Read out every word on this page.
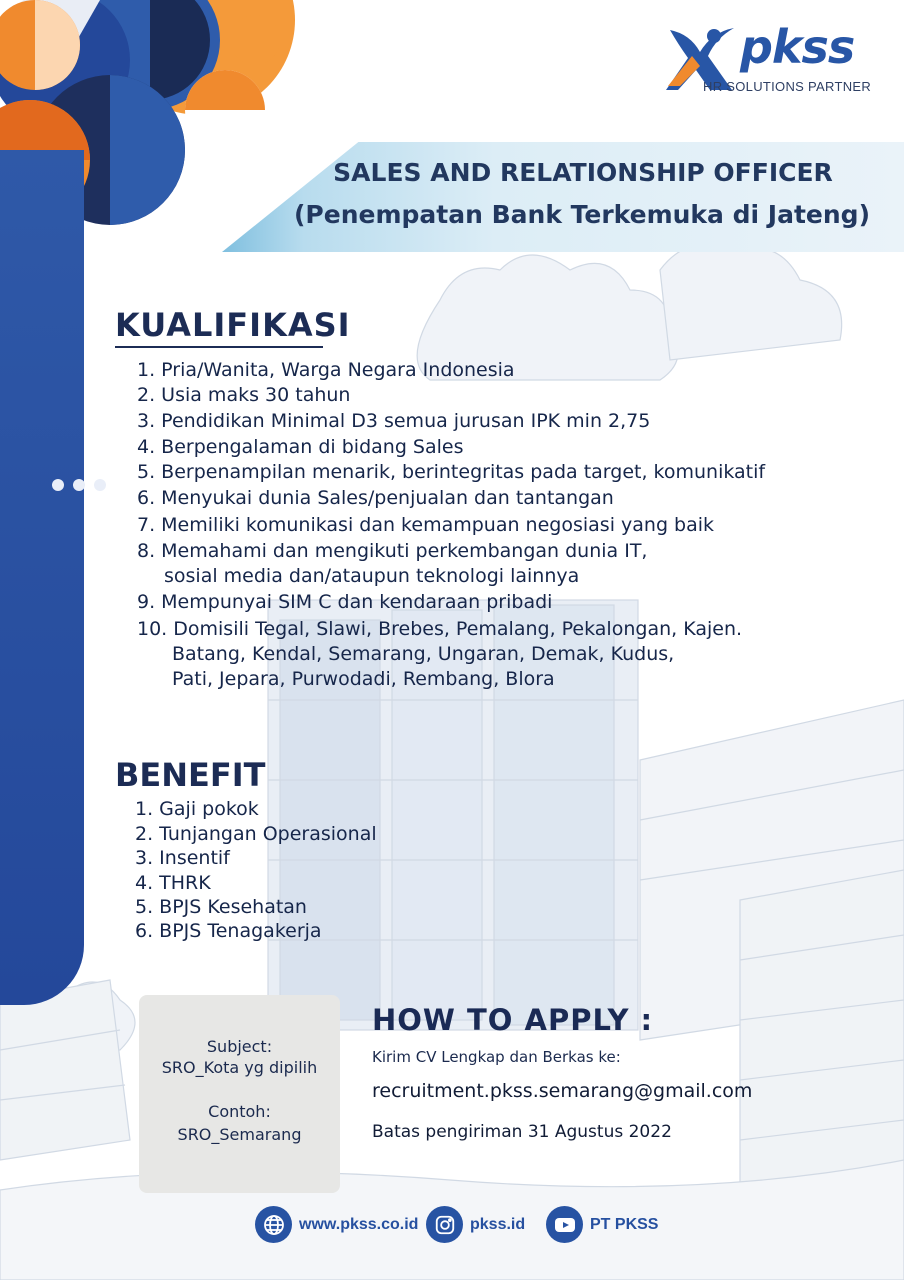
pkss
HR SOLUTIONS PARTNER
SALES AND RELATIONSHIP OFFICER
(Penempatan Bank Terkemuka di Jateng)
KUALIFIKASI
1. Pria/Wanita, Warga Negara Indonesia
2. Usia maks 30 tahun
3. Pendidikan Minimal D3 semua jurusan IPK min 2,75
4. Berpengalaman di bidang Sales
5. Berpenampilan menarik, berintegritas pada target, komunikatif
6. Menyukai dunia Sales/penjualan dan tantangan
7. Memiliki komunikasi dan kemampuan negosiasi yang baik
8. Memahami dan mengikuti perkembangan dunia IT,
sosial media dan/ataupun teknologi lainnya
9. Mempunyai SIM C dan kendaraan pribadi
10. Domisili Tegal, Slawi, Brebes, Pemalang, Pekalongan, Kajen.
Batang, Kendal, Semarang, Ungaran, Demak, Kudus,
Pati, Jepara, Purwodadi, Rembang, Blora
BENEFIT
1. Gaji pokok
2. Tunjangan Operasional
3. Insentif
4. THRK
5. BPJS Kesehatan
6. BPJS Tenagakerja
Subject:
SRO_Kota yg dipilih
Contoh:
SRO_Semarang
HOW TO APPLY :
Kirim CV Lengkap dan Berkas ke:
recruitment.pkss.semarang@gmail.com
Batas pengiriman 31 Agustus 2022
www.pkss.co.id	pkss.id	PT PKSS
